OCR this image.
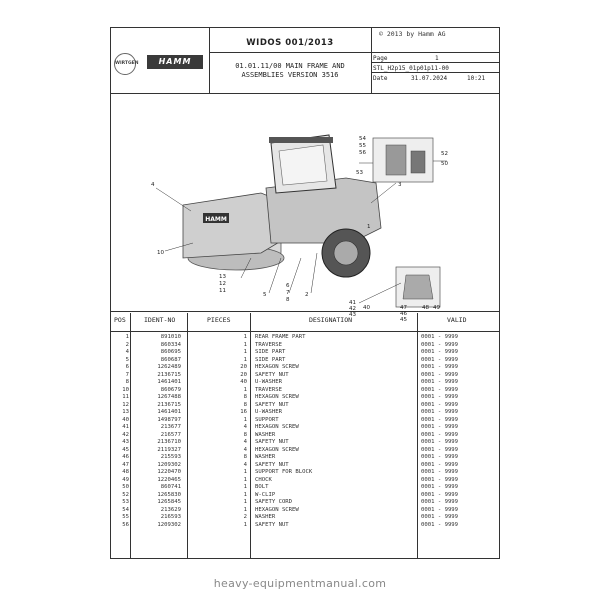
WIRTGEN	HAMM
WIDOS 001/2013
01.01.11/00 MAIN FRAME AND
ASSEMBLIES VERSION 3516
© 2013 by Hamm AG
Page	1
STL_H2p15_01p01p11-00
Date	31.07.2024	10:21
HAMM
4
10
13
12
11
5
6
7
8
2
3
1
54
55
56	52
50
53
41
42
43
40	47
46
45
48 49
POS	IDENT-NO	PIECES	DESIGNATION	VALID
1	891010	1 REAR FRAME PART	0001 - 9999
2	860334	1 TRAVERSE	0001 - 9999
4	860695	1 SIDE PART	0001 - 9999
5	860687	1 SIDE PART	0001 - 9999
6	1262489	20 HEXAGON SCREW	0001 - 9999
7	2136715	20 SAFETY NUT	0001 - 9999
8	1461401	40 U-WASHER	0001 - 9999
10	860679	1 TRAVERSE	0001 - 9999
11	1267488	8 HEXAGON SCREW	0001 - 9999
12	2136715	8 SAFETY NUT	0001 - 9999
13	1461401	16 U-WASHER	0001 - 9999
40	1498797	1 SUPPORT	0001 - 9999
41	213677	4 HEXAGON SCREW	0001 - 9999
42	216577	8 WASHER	0001 - 9999
43	2136710	4 SAFETY NUT	0001 - 9999
45	2119327	4 HEXAGON SCREW	0001 - 9999
46	215593	8 WASHER	0001 - 9999
47	1209302	4 SAFETY NUT	0001 - 9999
48	1220470	1 SUPPORT FOR BLOCK	0001 - 9999
49	1220465	1 CHOCK	0001 - 9999
50	860741	1 BOLT	0001 - 9999
52	1265830	1 W-CLIP	0001 - 9999
53	1265845	1 SAFETY CORD	0001 - 9999
54	213629	1 HEXAGON SCREW	0001 - 9999
55	216593	2 WASHER	0001 - 9999
56	1209302	1 SAFETY NUT	0001 - 9999
heavy-equipmentmanual.com
